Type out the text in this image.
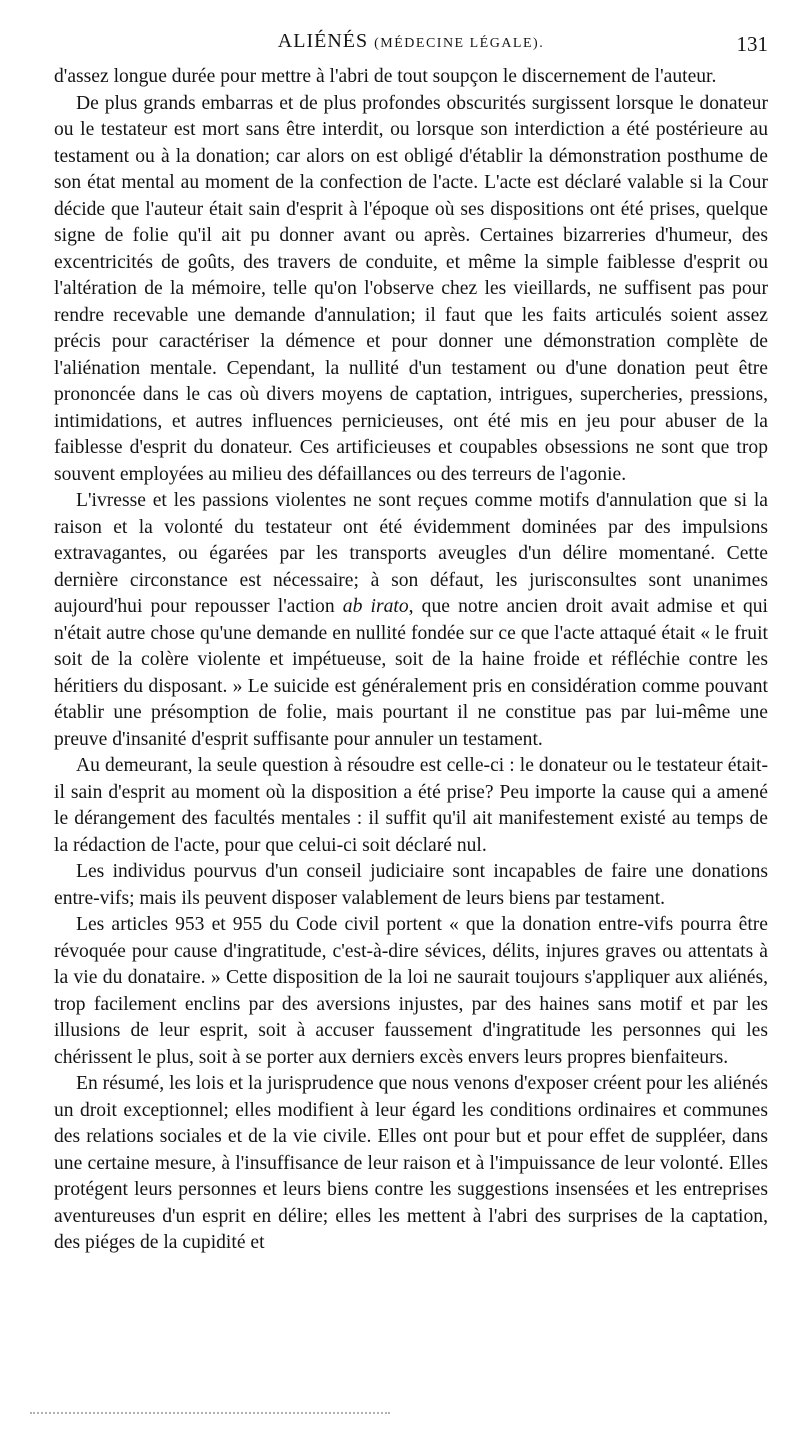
ALIÉNÉS (MÉDECINE LÉGALE).	131

d'assez longue durée pour mettre à l'abri de tout soupçon le discernement de l'auteur.

De plus grands embarras et de plus profondes obscurités surgissent lorsque le donateur ou le testateur est mort sans être interdit, ou lorsque son interdiction a été postérieure au testament ou à la donation; car alors on est obligé d'établir la démonstration posthume de son état mental au moment de la confection de l'acte. L'acte est déclaré valable si la Cour décide que l'auteur était sain d'esprit à l'époque où ses dispositions ont été prises, quelque signe de folie qu'il ait pu donner avant ou après. Certaines bizarreries d'humeur, des excentricités de goûts, des travers de conduite, et même la simple faiblesse d'esprit ou l'altération de la mémoire, telle qu'on l'observe chez les vieillards, ne suffisent pas pour rendre recevable une demande d'annulation; il faut que les faits articulés soient assez précis pour caractériser la démence et pour donner une démonstration complète de l'aliénation mentale. Cependant, la nullité d'un testament ou d'une donation peut être prononcée dans le cas où divers moyens de captation, intrigues, supercheries, pressions, intimidations, et autres influences pernicieuses, ont été mis en jeu pour abuser de la faiblesse d'esprit du donateur. Ces artificieuses et coupables obsessions ne sont que trop souvent employées au milieu des défaillances ou des terreurs de l'agonie.

L'ivresse et les passions violentes ne sont reçues comme motifs d'annulation que si la raison et la volonté du testateur ont été évidemment dominées par des impulsions extravagantes, ou égarées par les transports aveugles d'un délire momentané. Cette dernière circonstance est nécessaire; à son défaut, les jurisconsultes sont unanimes aujourd'hui pour repousser l'action ab irato, que notre ancien droit avait admise et qui n'était autre chose qu'une demande en nullité fondée sur ce que l'acte attaqué était « le fruit soit de la colère violente et impétueuse, soit de la haine froide et réfléchie contre les héritiers du disposant. » Le suicide est généralement pris en considération comme pouvant établir une présomption de folie, mais pourtant il ne constitue pas par lui-même une preuve d'insanité d'esprit suffisante pour annuler un testament.

Au demeurant, la seule question à résoudre est celle-ci : le donateur ou le testateur était-il sain d'esprit au moment où la disposition a été prise? Peu importe la cause qui a amené le dérangement des facultés mentales : il suffit qu'il ait manifestement existé au temps de la rédaction de l'acte, pour que celui-ci soit déclaré nul.

Les individus pourvus d'un conseil judiciaire sont incapables de faire une donations entre-vifs; mais ils peuvent disposer valablement de leurs biens par testament.

Les articles 953 et 955 du Code civil portent « que la donation entre-vifs pourra être révoquée pour cause d'ingratitude, c'est-à-dire sévices, délits, injures graves ou attentats à la vie du donataire. » Cette disposition de la loi ne saurait toujours s'appliquer aux aliénés, trop facilement enclins par des aversions injustes, par des haines sans motif et par les illusions de leur esprit, soit à accuser faussement d'ingratitude les personnes qui les chérissent le plus, soit à se porter aux derniers excès envers leurs propres bienfaiteurs.

En résumé, les lois et la jurisprudence que nous venons d'exposer créent pour les aliénés un droit exceptionnel; elles modifient à leur égard les conditions ordinaires et communes des relations sociales et de la vie civile. Elles ont pour but et pour effet de suppléer, dans une certaine mesure, à l'insuffisance de leur raison et à l'impuissance de leur volonté. Elles protégent leurs personnes et leurs biens contre les suggestions insensées et les entreprises aventureuses d'un esprit en délire; elles les mettent à l'abri des surprises de la captation, des piéges de la cupidité et
